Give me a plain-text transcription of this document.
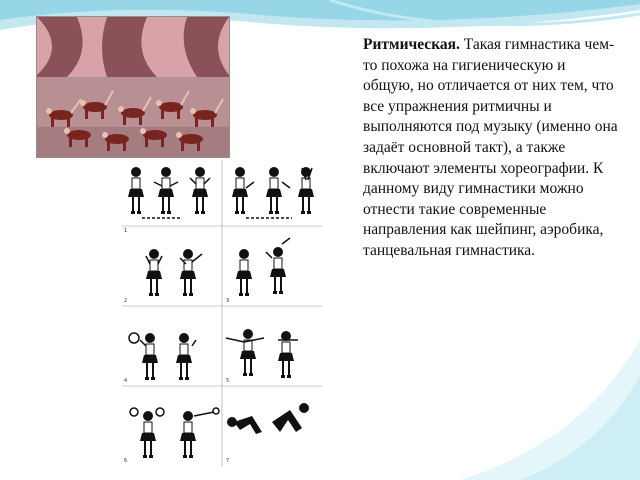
1
2	3
4	5
6	7
Ритмическая. Такая гимнастика чем-то похожа на гигиеническую и общую, но отличается от них тем, что все упражнения ритмичны и выполняются под музыку (именно она задаёт основной такт), а также включают элементы хореографии. К данному виду гимнастики можно отнести такие современные направления как шейпинг, аэробика, танцевальная гимнастика.
